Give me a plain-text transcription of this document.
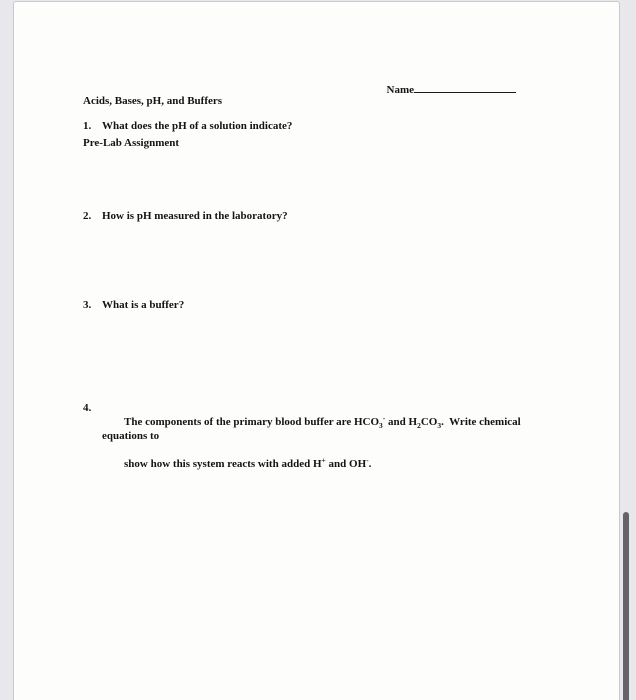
Acids, Bases, pH, and Buffers

Pre-Lab Assignment

Name

1. What does the pH of a solution indicate?
2. How is pH measured in the laboratory?
3. What is a buffer?
4.

The components of the primary blood buffer are $HCO_3^-$ and $H_2CO_3$.  Write chemical equations to

show how this system reacts with added H+ and OH-.
